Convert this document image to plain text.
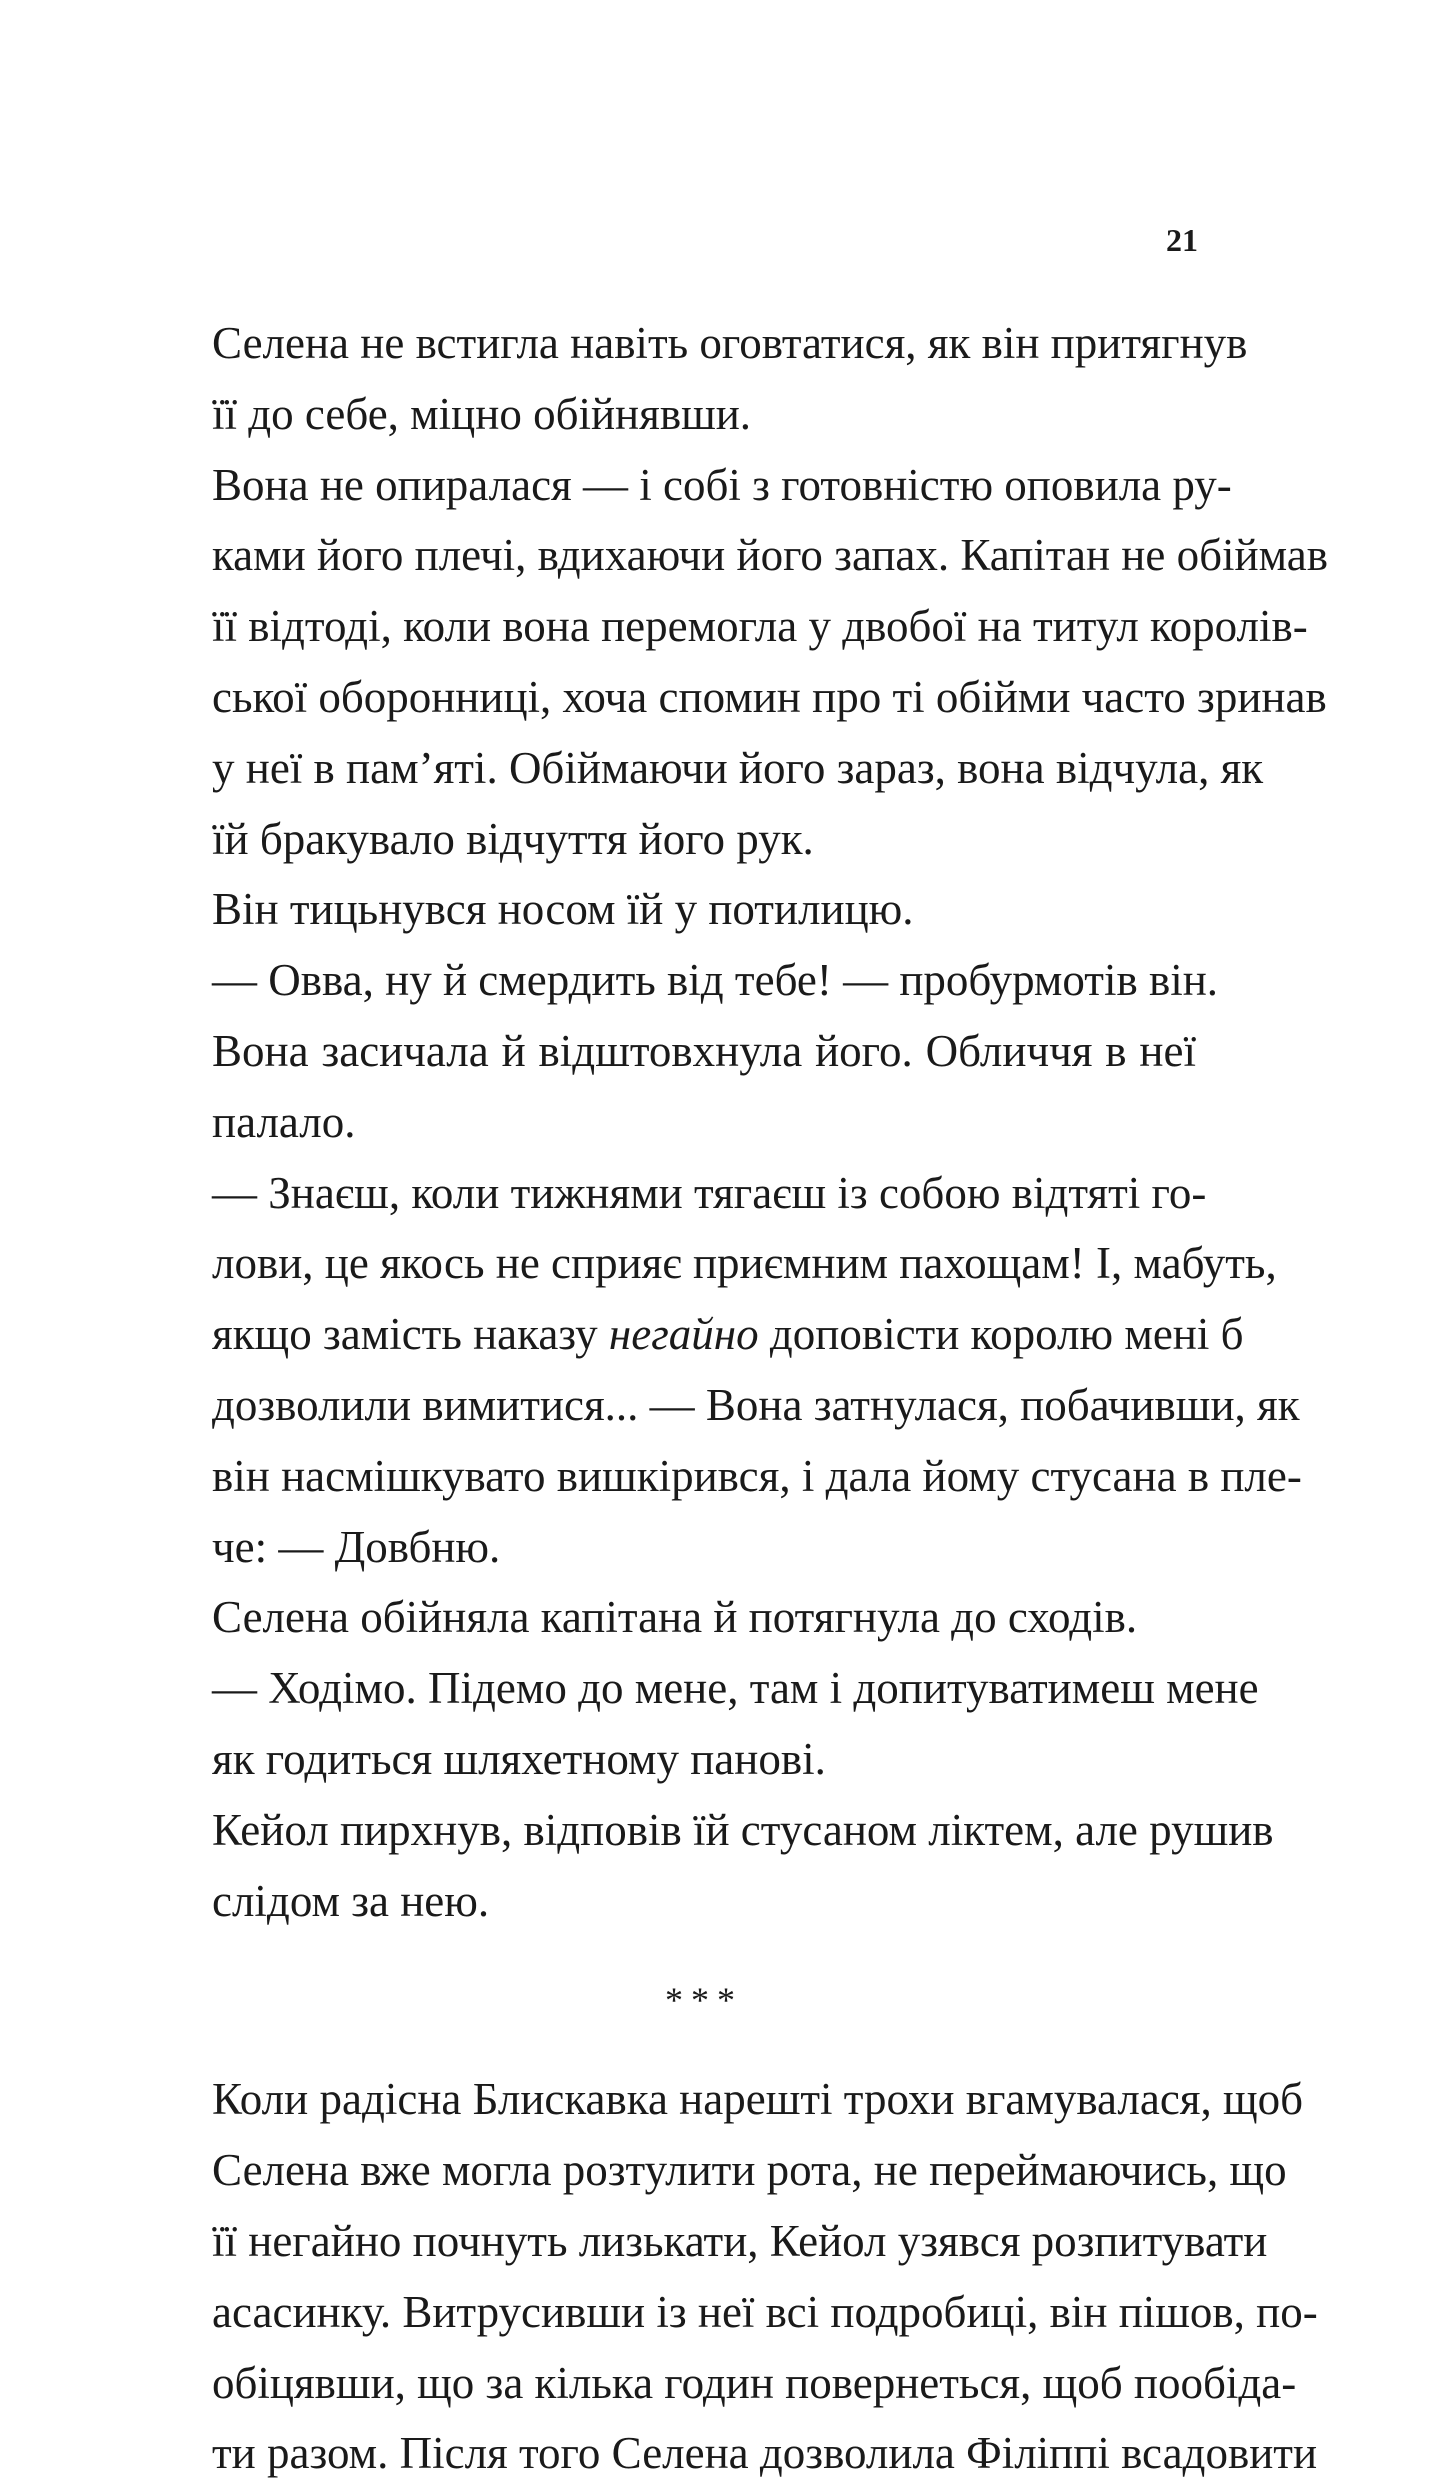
21
Селена не встигла навіть оговтатися, як він притягнув
її до себе, міцно обійнявши.
Вона не опиралася — і собі з готовністю оповила ру-
ками його плечі, вдихаючи його запах. Капітан не обіймав
її відтоді, коли вона перемогла у двобої на титул королів-
ської оборонниці, хоча спомин про ті обійми часто зринав
у неї в пам’яті. Обіймаючи його зараз, вона відчула, як
їй бракувало відчуття його рук.
Він тицьнувся носом їй у потилицю.
— Овва, ну й смердить від тебе! — пробурмотів він.
Вона засичала й відштовхнула його. Обличчя в неї
палало.
— Знаєш, коли тижнями тягаєш із собою відтяті го-
лови, це якось не сприяє приємним пахощам! І, мабуть,
якщо замість наказу негайно доповісти королю мені б
дозволили вимитися... — Вона затнулася, побачивши, як
він насмішкувато вишкірився, і дала йому стусана в пле-
че: — Довбню.
Селена обійняла капітана й потягнула до сходів.
— Ходімо. Підемо до мене, там і допитуватимеш мене
як годиться шляхетному панові.
Кейол пирхнув, відповів їй стусаном ліктем, але рушив
слідом за нею.
***
Коли радісна Блискавка нарешті трохи вгамувалася, щоб
Селена вже могла розтулити рота, не переймаючись, що
її негайно почнуть лизькати, Кейол узявся розпитувати
асасинку. Витрусивши із неї всі подробиці, він пішов, по-
обіцявши, що за кілька годин повернеться, щоб пообіда-
ти разом. Після того Селена дозволила Філіппі всадовити
